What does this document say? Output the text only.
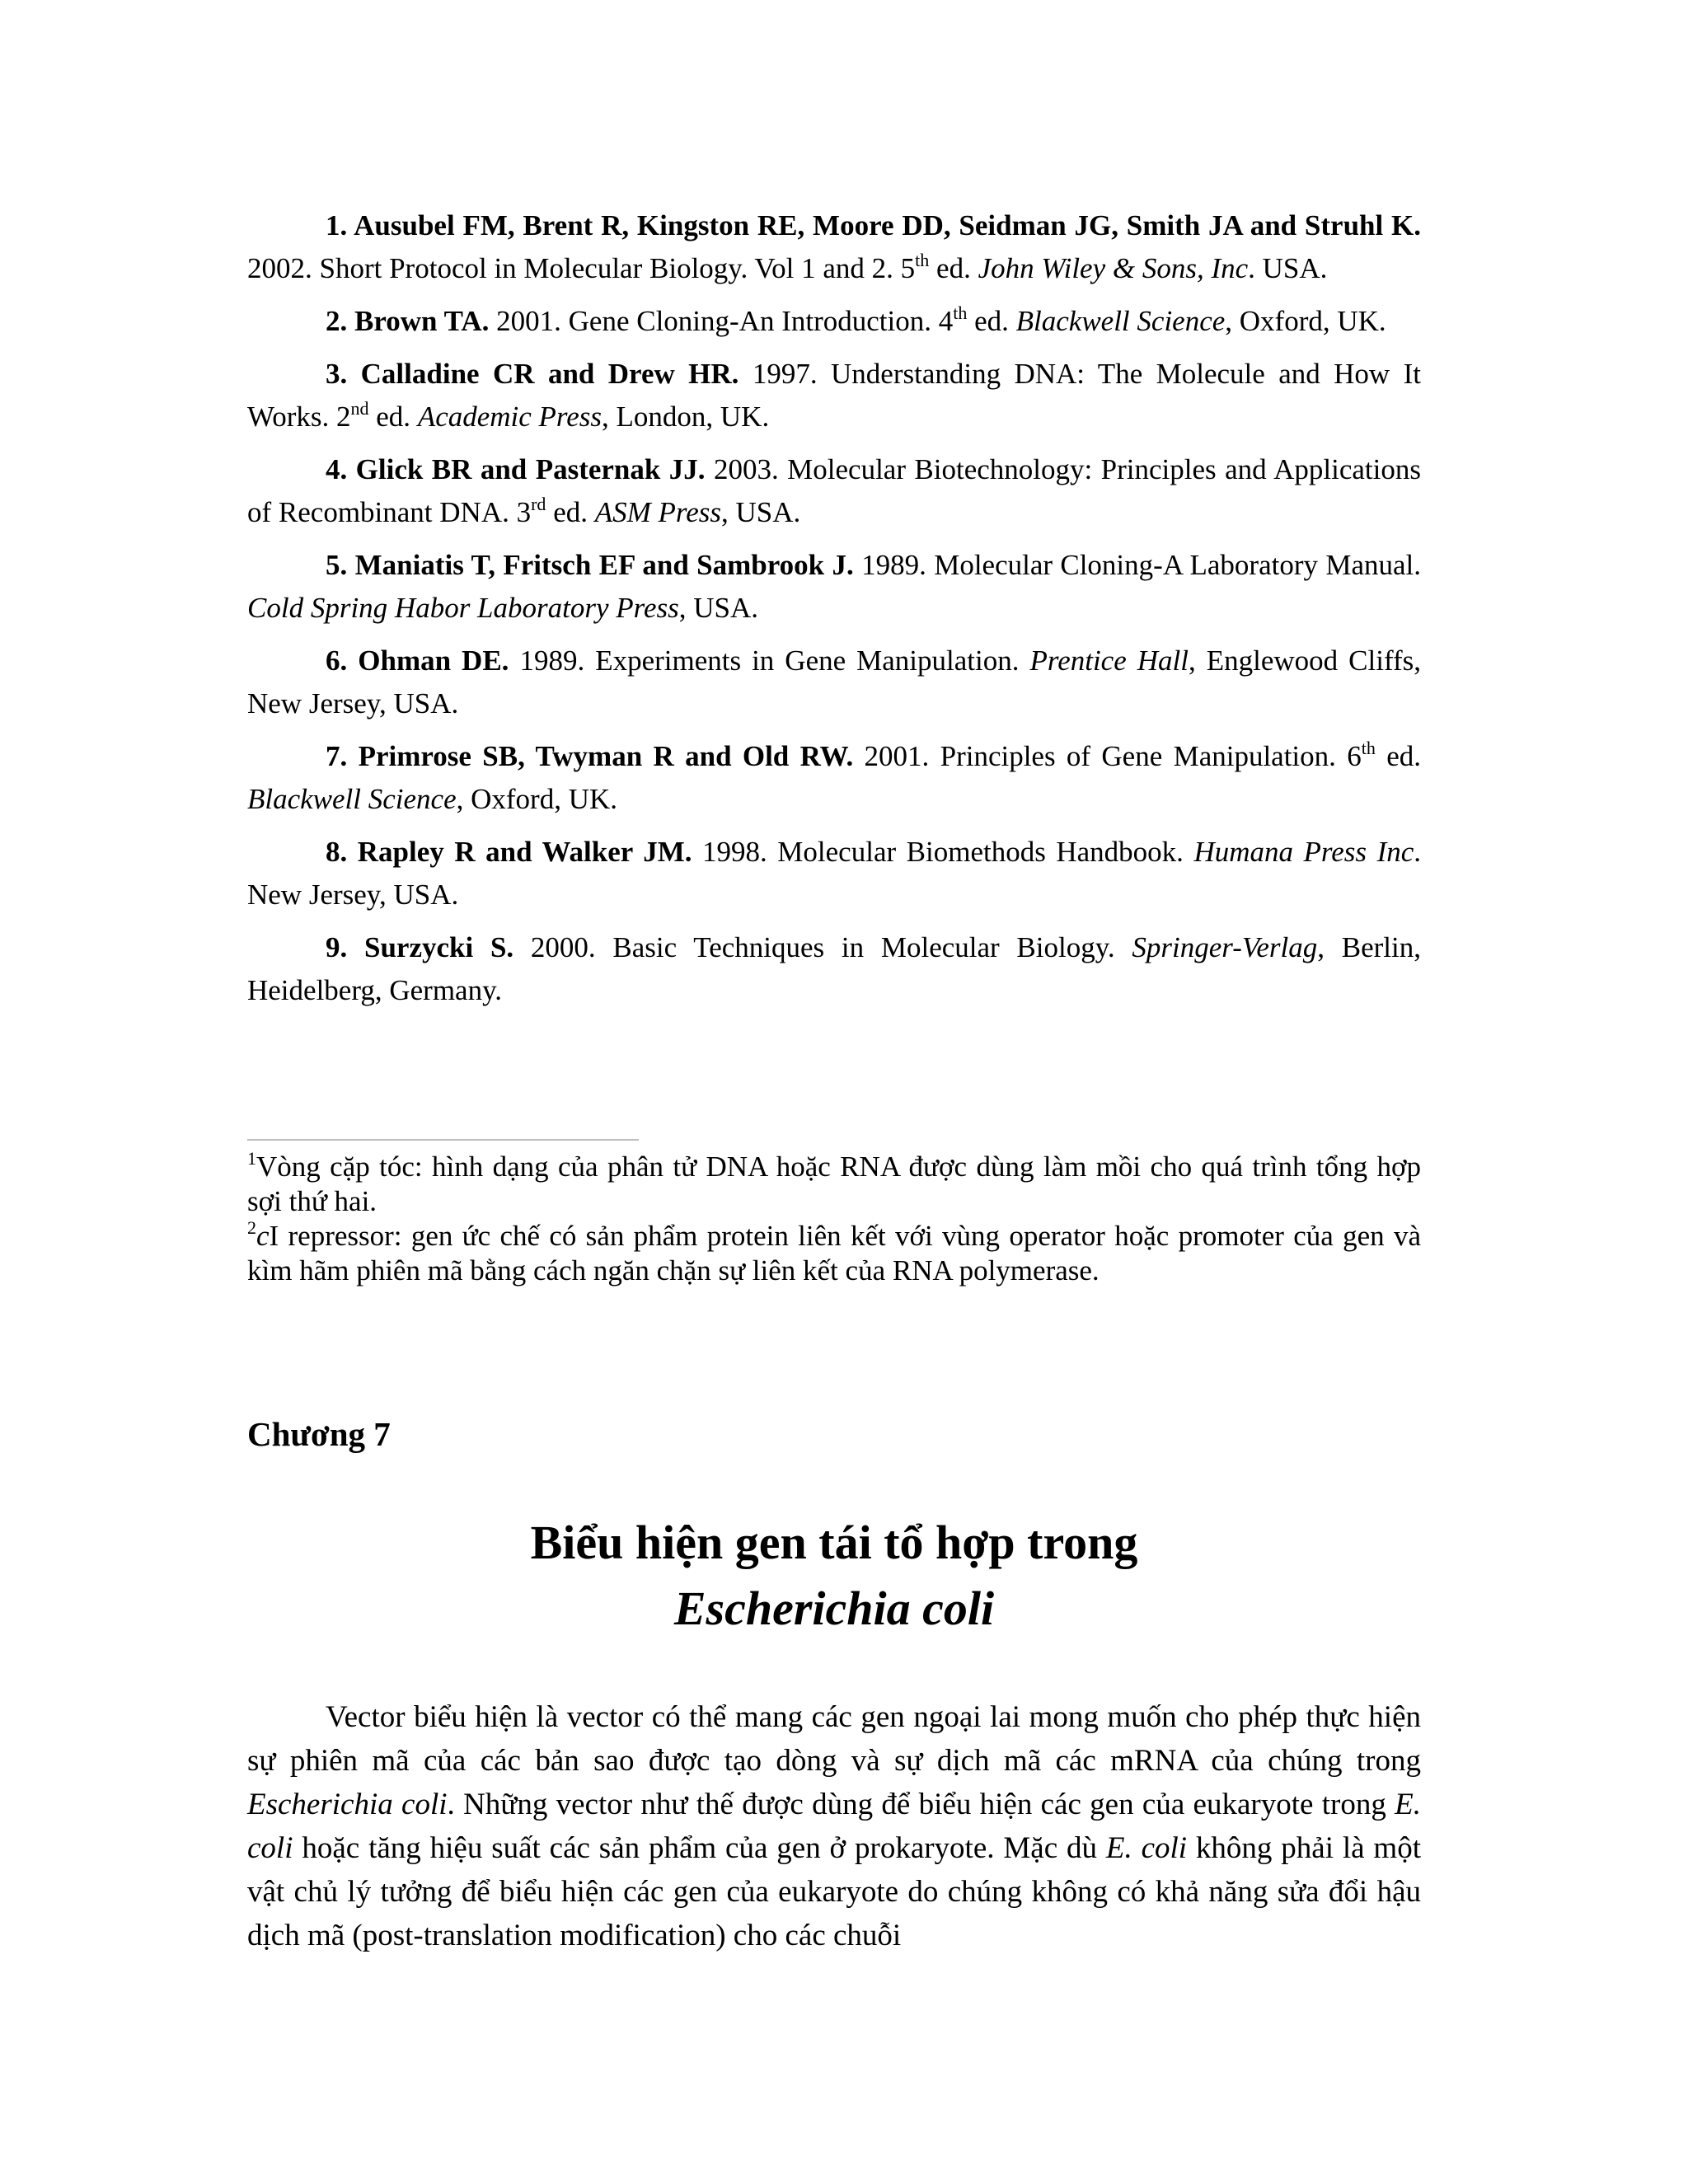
1. Ausubel FM, Brent R, Kingston RE, Moore DD, Seidman JG, Smith JA and Struhl K. 2002. Short Protocol in Molecular Biology. Vol 1 and 2. 5th ed. John Wiley & Sons, Inc. USA.

2. Brown TA. 2001. Gene Cloning-An Introduction. 4th ed. Blackwell Science, Oxford, UK.

3. Calladine CR and Drew HR. 1997. Understanding DNA: The Molecule and How It Works. 2nd ed. Academic Press, London, UK.

4. Glick BR and Pasternak JJ. 2003. Molecular Biotechnology: Principles and Applications of Recombinant DNA. 3rd ed. ASM Press, USA.

5. Maniatis T, Fritsch EF and Sambrook J. 1989. Molecular Cloning-A Laboratory Manual. Cold Spring Habor Laboratory Press, USA.

6. Ohman DE. 1989. Experiments in Gene Manipulation. Prentice Hall, Englewood Cliffs, New Jersey, USA.

7. Primrose SB, Twyman R and Old RW. 2001. Principles of Gene Manipulation. 6th ed. Blackwell Science, Oxford, UK.

8. Rapley R and Walker JM. 1998. Molecular Biomethods Handbook. Humana Press Inc. New Jersey, USA.

9. Surzycki S. 2000. Basic Techniques in Molecular Biology. Springer-Verlag, Berlin, Heidelberg, Germany.

$^1$Vòng cặp tóc: hình dạng của phân tử DNA hoặc RNA được dùng làm mồi cho quá trình tổng hợp sợi thứ hai.

$^2$cI repressor: gen ức chế có sản phẩm protein liên kết với vùng operator hoặc promoter của gen và kìm hãm phiên mã bằng cách ngăn chặn sự liên kết của RNA polymerase.

Chương 7
Biểu hiện gen tái tổ hợp trong
Escherichia coli

Vector biểu hiện là vector có thể mang các gen ngoại lai mong muốn cho phép thực hiện sự phiên mã của các bản sao được tạo dòng và sự dịch mã các mRNA của chúng trong Escherichia coli. Những vector như thế được dùng để biểu hiện các gen của eukaryote trong E. coli hoặc tăng hiệu suất các sản phẩm của gen ở prokaryote. Mặc dù E. coli không phải là một vật chủ lý tưởng để biểu hiện các gen của eukaryote do chúng không có khả năng sửa đổi hậu dịch mã (post-translation modification) cho các chuỗi
